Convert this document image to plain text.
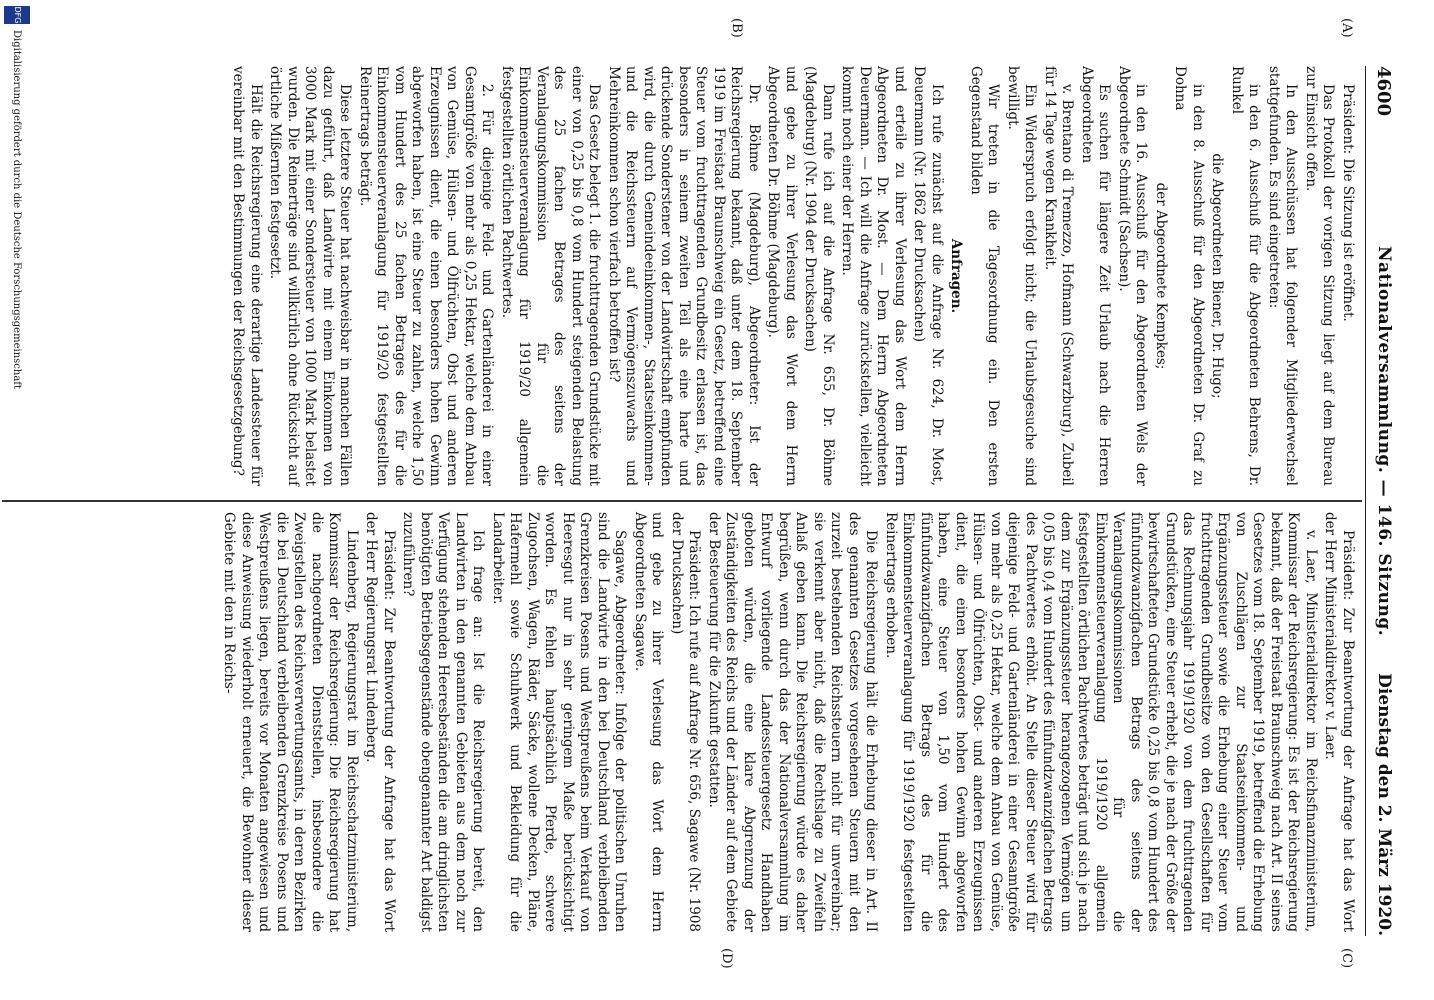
4600
Nationalversammlung. — 146. Sitzung.
Dienstag den 2. März 1920.
(A)
(B)
(C)
(D)

Präsident: Die Sitzung ist eröffnet.

Das Protokoll der vorigen Sitzung liegt auf dem Bureau zur Einsicht offen.

In den Ausschüssen hat folgender Mitgliederwechsel stattgefunden. Es sind eingetreten:

in den 6. Ausschuß für die Abgeordneten Behrens, Dr. Runkel

die Abgeordneten Biener, Dr. Hugo;

in den 8. Ausschuß für den Abgeordneten Dr. Graf zu Dohna

der Abgeordnete Kempkes;

in den 16. Ausschuß für den Abgeordneten Wels der Abgeordnete Schmidt (Sachsen).

Es suchen für längere Zeit Urlaub nach die Herren Abgeordneten

v. Brentano di Tremezzo, Hofmann (Schwarzburg), Zubeil für 14 Tage wegen Krankheit.

Ein Widerspruch erfolgt nicht; die Urlaubsgesuche sind bewilligt.

Wir treten in die Tagesordnung ein. Den ersten Gegenstand bilden

Anfragen.

Ich rufe zunächst auf die Anfrage Nr. 624, Dr. Most, Deuermann (Nr. 1862 der Drucksachen)

und erteile zu ihrer Verlesung das Wort dem Herrn Abgeordneten Dr. Most. — Dem Herrn Abgeordneten Deuermann. — Ich will die Anfrage zurückstellen, vielleicht kommt noch einer der Herren.

Dann rufe ich auf die Anfrage Nr. 655, Dr. Böhme (Magdeburg) (Nr. 1904 der Drucksachen)

und gebe zu ihrer Verlesung das Wort dem Herrn Abgeordneten Dr. Böhme (Magdeburg).

Dr. Böhme (Magdeburg), Abgeordneter: Ist der Reichsregierung bekannt, daß unter dem 18. September 1919 im Freistaat Braunschweig ein Gesetz, betreffend eine Steuer vom fruchttragenden Grundbesitz erlassen ist, das besonders in seinem zweiten Teil als eine harte und drückende Sonderstener von der Landwirtschaft empfunden wird, die durch Gemeindeeinkommen-, Staatseinkommen- und die Reichssteuern auf Vermögenszuwachs und Mehreinkommen schon vierfach betroffen ist?

Das Gesetz belegt 1. die fruchttragenden Grundstücke mit einer von 0,25 bis 0,8 vom Hundert steigenden Belastung des 25 fachen Betrages des seitens der Veranlagungskommission für die Einkommensteuerveranlagung für 1919/20 allgemein festgestellten örtlichen Pachtwertes.

2. Für diejenige Feld- und Gartenländerei in einer Gesamtgröße von mehr als 0,25 Hektar, welche dem Anbau von Gemüse, Hülsen- und Ölfrüchten, Obst und anderen Erzeugnissen dient, die einen besonders hohen Gewinn abgeworfen haben, ist eine Steuer zu zahlen, welche 1,50 vom Hundert des 25 fachen Betrages des für die Einkommensteuerveranlagung für 1919/20 festgestellten Reinertrags beträgt.

Diese letztere Steuer hat nachweisbar in manchen Fällen dazu geführt, daß Landwirte mit einem Einkommen von 3000 Mark mit einer Sondersteuer von 1000 Mark belastet wurden. Die Reinerträge sind willkürlich ohne Rücksicht auf örtliche Mißernten festgesetzt.

Hält die Reichsregierung eine derartige Landessteuer für vereinbar mit den Bestimmungen der Reichsgesetzgebung?

Präsident: Zur Beantwortung der Anfrage hat das Wort der Herr Ministerialdirektor v. Laer.

v. Laer, Ministerialdirektor im Reichsfinanzministerium, Kommissar der Reichsregierung: Es ist der Reichsregierung bekannt, daß der Freistaat Braunschweig nach Art. II seines Gesetzes vom 18. September 1919, betreffend die Erhebung von Zuschlägen zur Staatseinkommen- und Ergänzungssteuer sowie die Erhebung einer Steuer vom fruchttragenden Grundbesitze von den Gesellschaften für das Rechnungsjahr 1919/1920 von dem fruchttragenden Grundstücken, eine Steuer erhebt, die je nach der Größe der bewirtschafteten Grundstücke 0,25 bis 0,8 vom Hundert des fünfundzwanzigfachen Betrags des seitens der Veranlagungskommissionen für die Einkommensteuerveranlagung 1919/1920 allgemein festgestellten örtlichen Pachtwertes beträgt und sich je nach dem zur Ergänzungssteuer herangezogenen Vermögen um 0,05 bis 0,4 vom Hundert des fünfundzwanzigfachen Betrags des Pachtwertes erhöht. An Stelle dieser Steuer wird für diejenige Feld- und Gartenländerei in einer Gesamtgröße von mehr als 0,25 Hektar, welche dem Anbau von Gemüse, Hülsen- und Ölfrüchten, Obst- und anderen Erzeugnissen dient, die einen besonders hohen Gewinn abgeworfen haben, eine Steuer von 1,50 vom Hundert des fünfundzwanzigfachen Betrags des für die Einkommensteuerveranlagung für 1919/1920 festgestellten Reinertrags erhoben.

Die Reichsregierung hält die Erhebung dieser in Art. II des genannten Gesetzes vorgesehenen Steuern mit den zurzeit bestehenden Reichssteuern nicht für unvereinbar; sie verkennt aber nicht, daß die Rechtslage zu Zweifeln Anlaß geben kann. Die Reichsregierung würde es daher begrüßen, wenn durch das der Nationalversammlung im Entwurf vorliegende Landessteuergesetz Handhaben geboten würden, die eine klare Abgrenzung der Zuständigkeiten des Reichs und der Länder auf dem Gebiete der Besteuerung für die Zukunft gestatten.

Präsident: Ich rufe auf Anfrage Nr. 656, Sagawe (Nr. 1908 der Drucksachen)

und gebe zu ihrer Verlesung das Wort dem Herrn Abgeordneten Sagawe.

Sagawe, Abgeordneter: Infolge der politischen Unruhen sind die Landwirte in den bei Deutschland verbleibenden Grenzkreisen Posens und Westpreußens beim Verkauf von Heeresgut nur in sehr geringem Maße berücksichtigt worden. Es fehlen hauptsächlich Pferde, schwere Zugochsen, Wagen, Räder, Säcke, wollene Decken, Pläne, Hafermehl sowie Schuhwerk und Bekleidung für die Landarbeiter.

Ich frage an: Ist die Reichsregierung bereit, den Landwirten in den genannten Gebieten aus dem noch zur Verfügung stehenden Heeresbeständen die am dringlichsten benötigten Betriebsgegenstände obengenannter Art baldigst zuzuführen?

Präsident: Zur Beantwortung der Anfrage hat das Wort der Herr Regierungsrat Lindenberg.

Lindenberg, Regierungsrat im Reichsschatzministerium, Kommissar der Reichsregierung: Die Reichsregierung hat die nachgeordneten Dienststellen, insbesondere die Zweigstellen des Reichsverwertungsamts, in deren Bezirken die bei Deutschland verbleibenden Grenzkreise Posens und Westpreußens liegen, bereits vor Monaten angewiesen und diese Anweisung wiederholt erneuert, die Bewohner dieser Gebiete mit den in Reichs-

DFG
Digitalisierung gefördert durch die Deutsche Forschungsgemeinschaft
